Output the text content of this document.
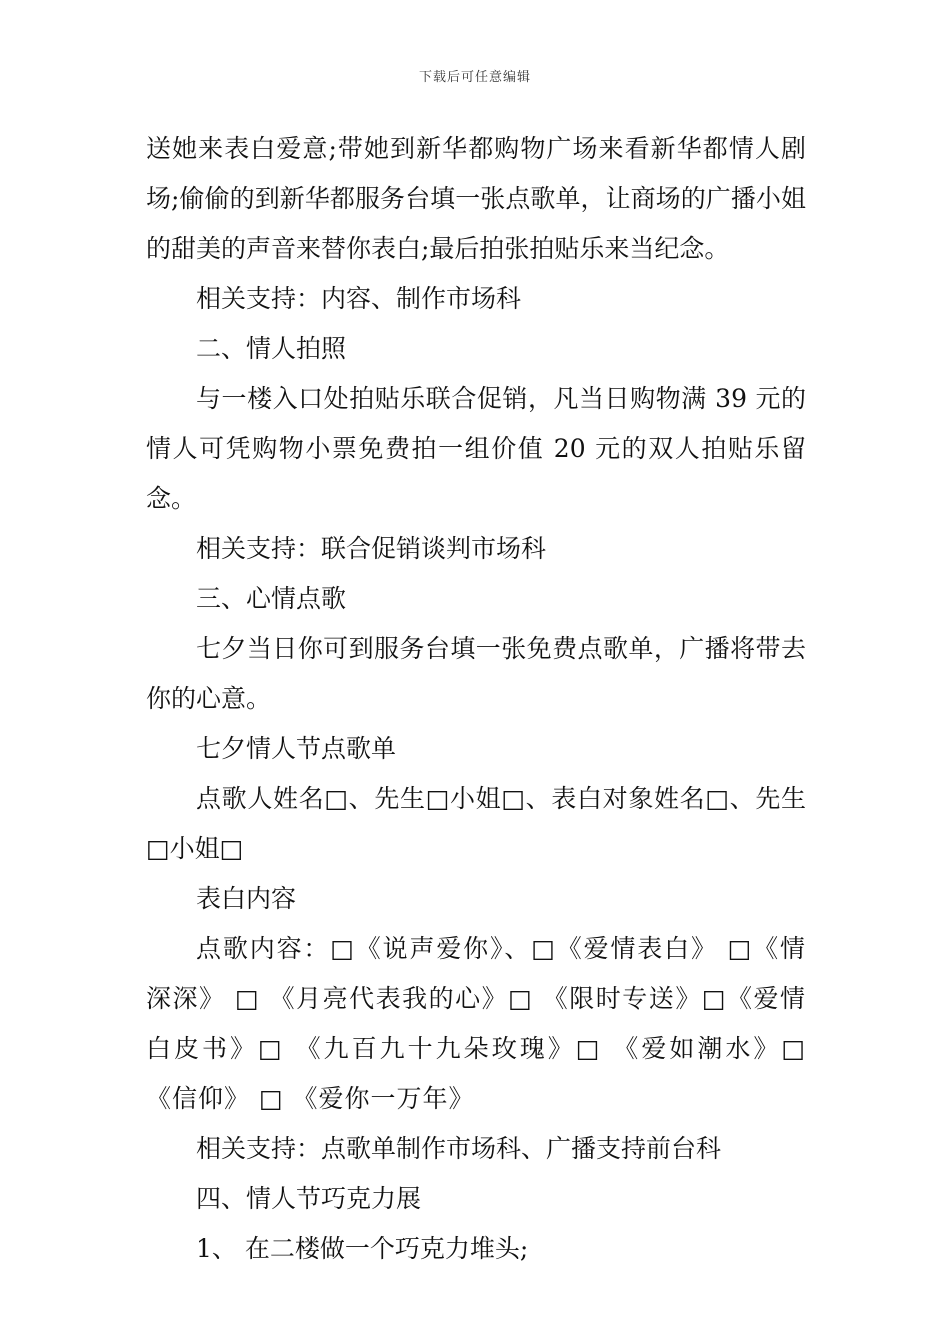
下载后可任意编辑

送她来表白爱意;带她到新华都购物广场来看新华都情人剧场;偷偷的到新华都服务台填一张点歌单，让商场的广播小姐的甜美的声音来替你表白;最后拍张拍贴乐来当纪念。

相关支持：内容、制作市场科

二、情人拍照

与一楼入口处拍贴乐联合促销，凡当日购物满 39 元的情人可凭购物小票免费拍一组价值 20 元的双人拍贴乐留念。

相关支持：联合促销谈判市场科

三、心情点歌

七夕当日你可到服务台填一张免费点歌单，广播将带去你的心意。

七夕情人节点歌单

点歌人姓名□、先生□小姐□、表白对象姓名□、先生□小姐□

表白内容

点歌内容：□《说声爱你》、□《爱情表白》 □《情深深》 □ 《月亮代表我的心》□ 《限时专送》□《爱情白皮书》□ 《九百九十九朵玫瑰》□ 《爱如潮水》□ 《信仰》 □ 《爱你一万年》

相关支持：点歌单制作市场科、广播支持前台科

四、情人节巧克力展

1、 在二楼做一个巧克力堆头;
